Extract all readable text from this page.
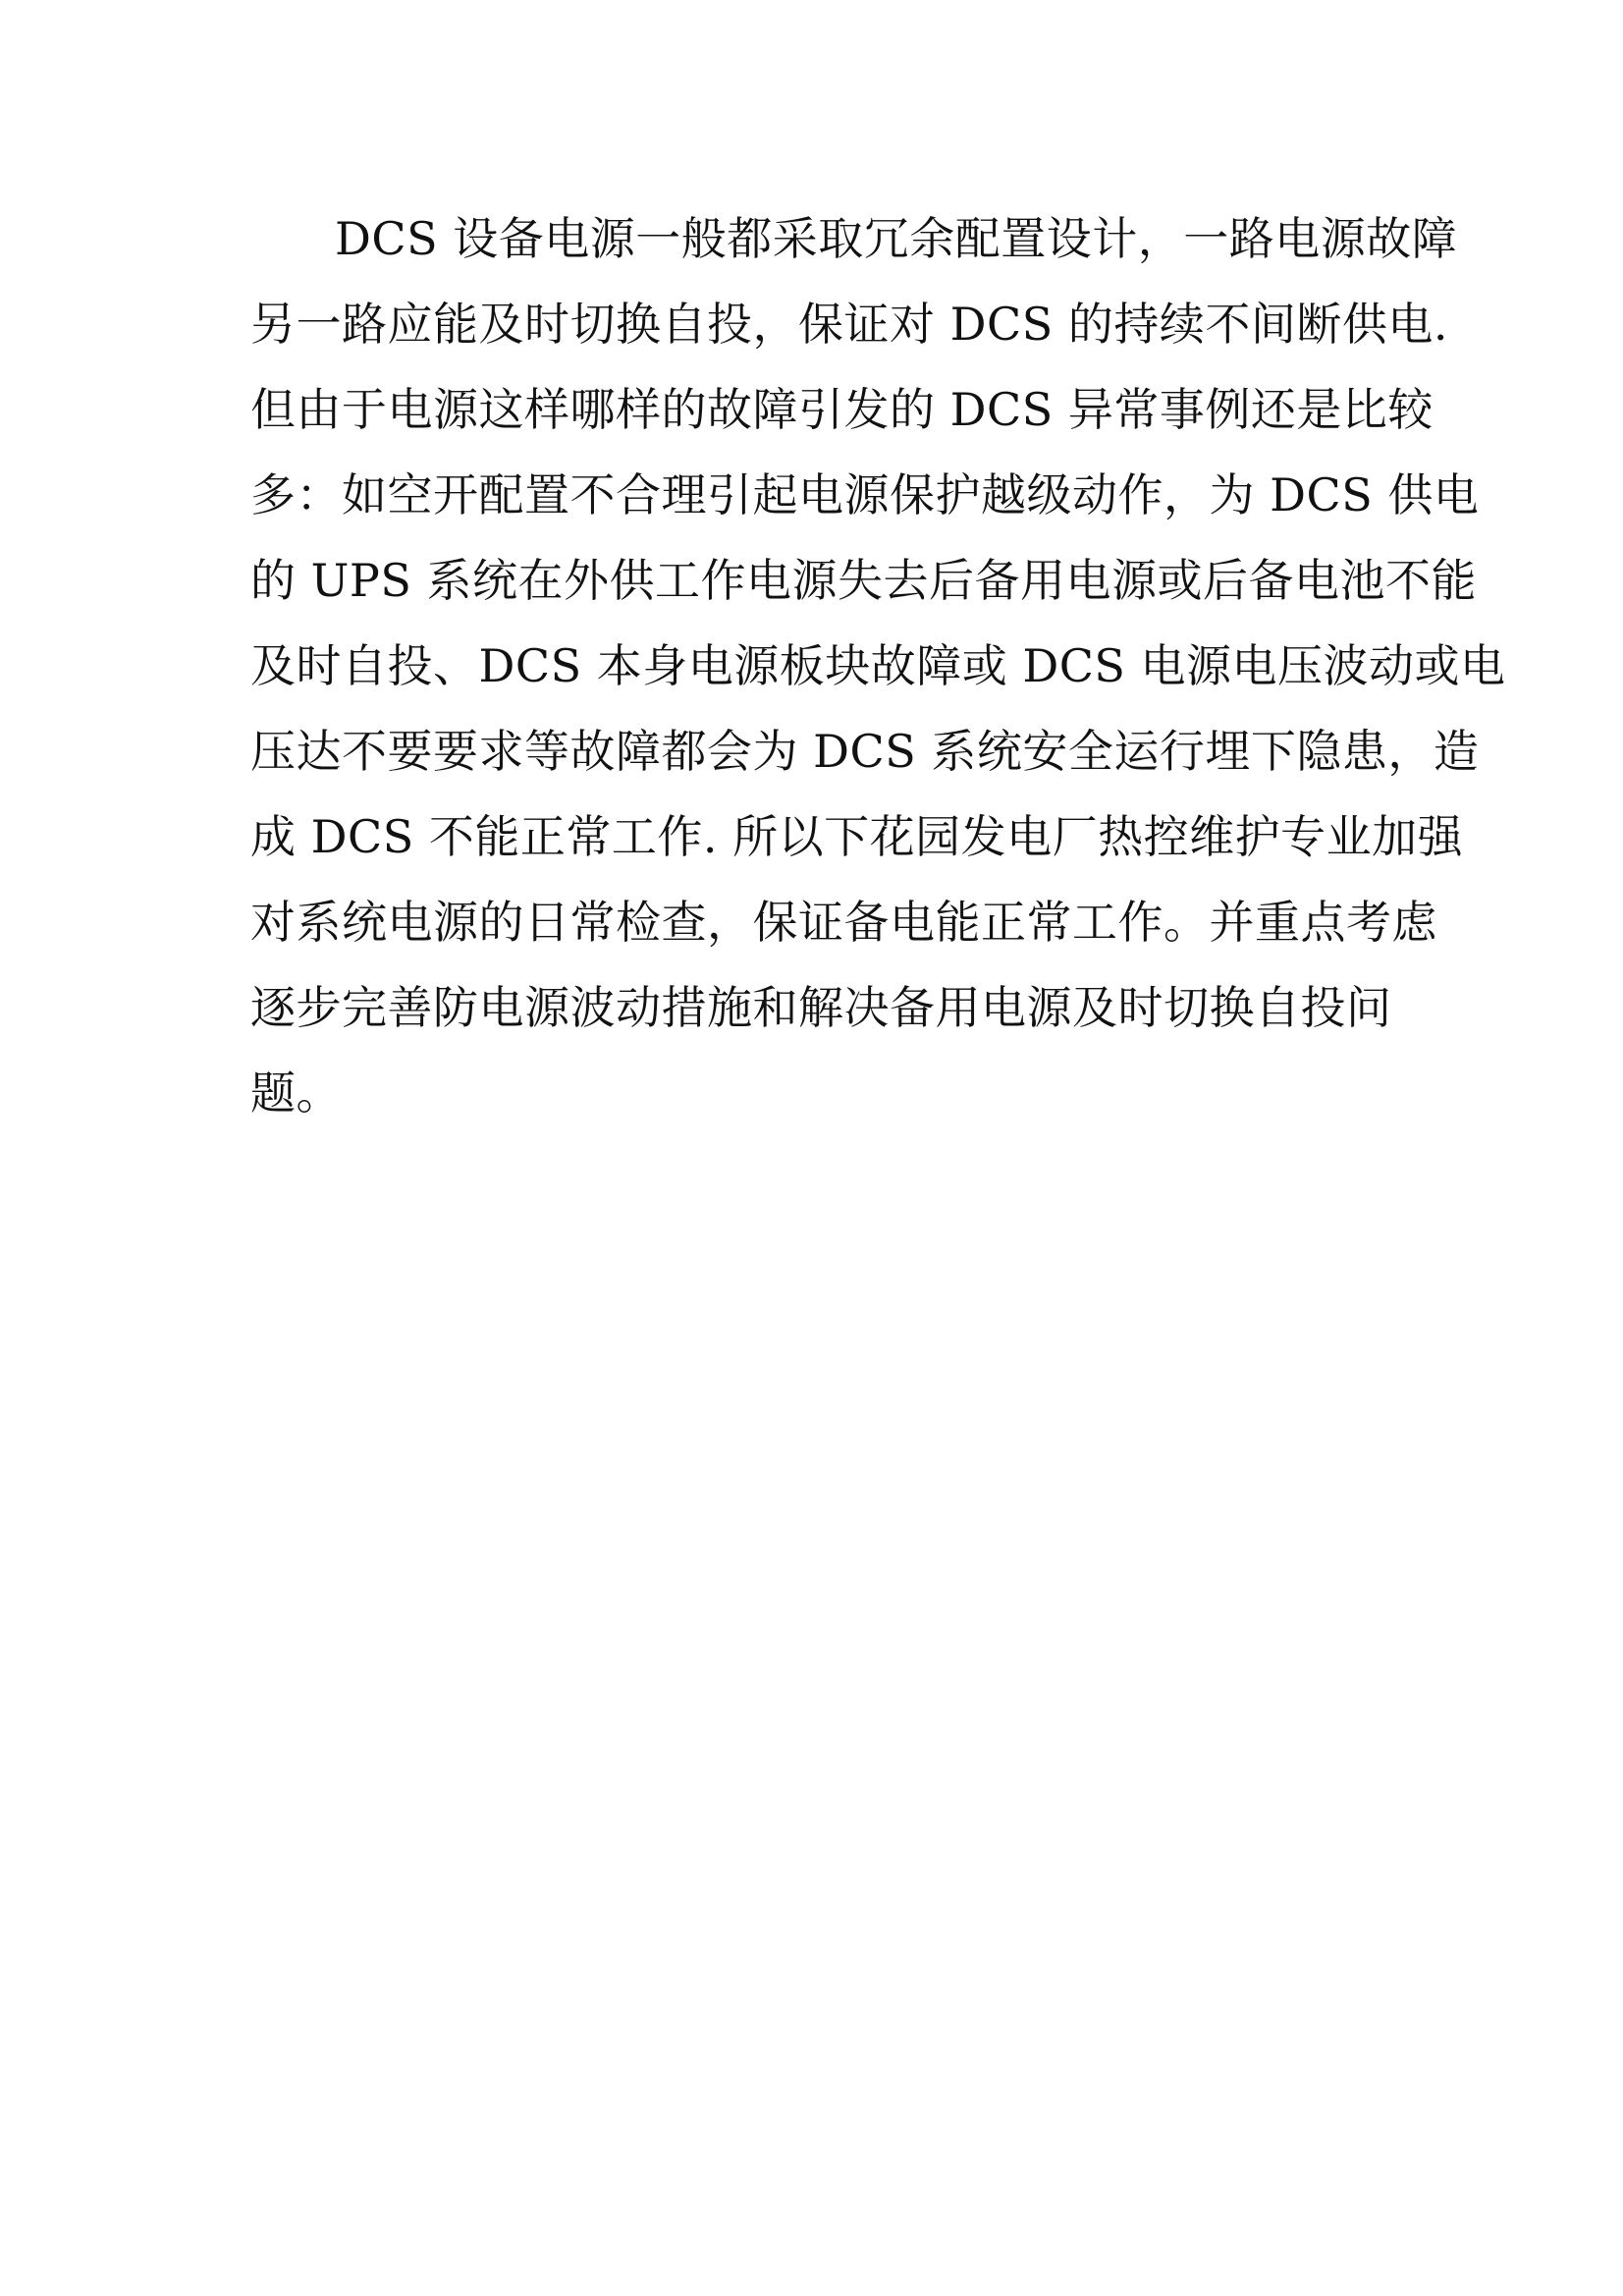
DCS 设备电源一般都采取冗余配置设计，一路电源故障
另一路应能及时切换自投，保证对 DCS 的持续不间断供电.
但由于电源这样哪样的故障引发的 DCS 异常事例还是比较
多：如空开配置不合理引起电源保护越级动作，为 DCS 供电
的 UPS 系统在外供工作电源失去后备用电源或后备电池不能
及时自投、DCS 本身电源板块故障或 DCS 电源电压波动或电
压达不要要求等故障都会为 DCS 系统安全运行埋下隐患，造
成 DCS 不能正常工作. 所以下花园发电厂热控维护专业加强
对系统电源的日常检查，保证备电能正常工作。并重点考虑
逐步完善防电源波动措施和解决备用电源及时切换自投问
题。
